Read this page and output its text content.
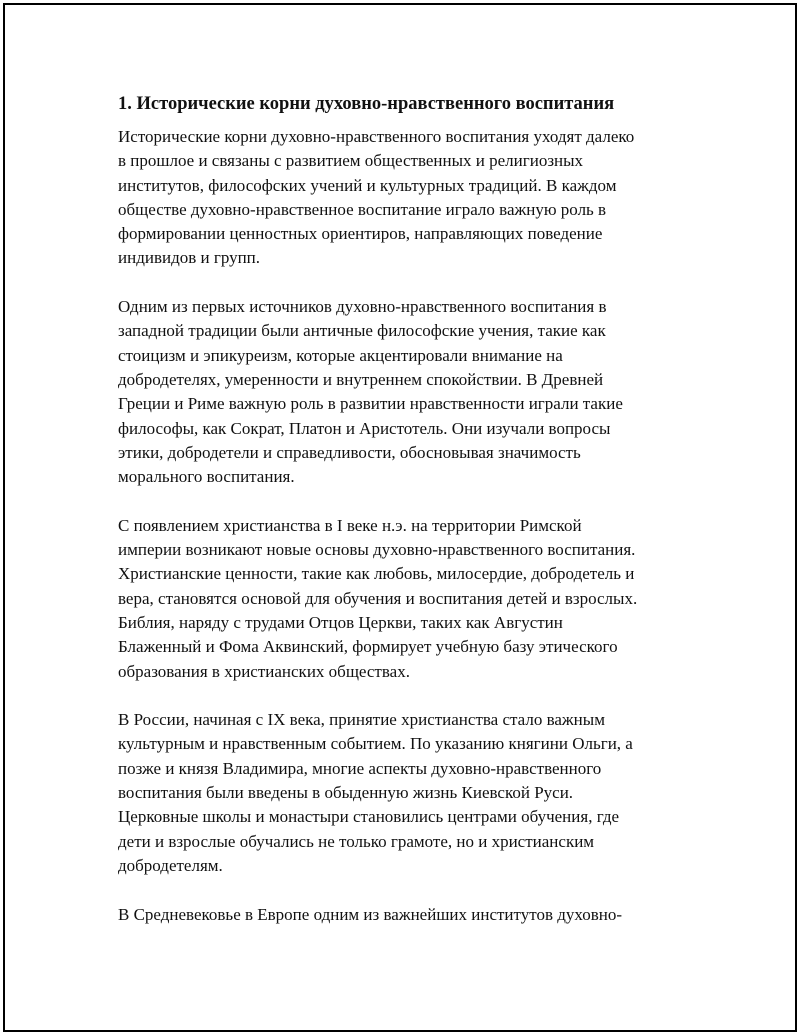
1. Исторические корни духовно-нравственного воспитания

Исторические корни духовно-нравственного воспитания уходят далеко
в прошлое и связаны с развитием общественных и религиозных
институтов, философских учений и культурных традиций. В каждом
обществе духовно-нравственное воспитание играло важную роль в
формировании ценностных ориентиров, направляющих поведение
индивидов и групп.

Одним из первых источников духовно-нравственного воспитания в
западной традиции были античные философские учения, такие как
стоицизм и эпикуреизм, которые акцентировали внимание на
добродетелях, умеренности и внутреннем спокойствии. В Древней
Греции и Риме важную роль в развитии нравственности играли такие
философы, как Сократ, Платон и Аристотель. Они изучали вопросы
этики, добродетели и справедливости, обосновывая значимость
морального воспитания.

С появлением христианства в I веке н.э. на территории Римской
империи возникают новые основы духовно-нравственного воспитания.
Христианские ценности, такие как любовь, милосердие, добродетель и
вера, становятся основой для обучения и воспитания детей и взрослых.
Библия, наряду с трудами Отцов Церкви, таких как Августин
Блаженный и Фома Аквинский, формирует учебную базу этического
образования в христианских обществах.

В России, начиная с IX века, принятие христианства стало важным
культурным и нравственным событием. По указанию княгини Ольги, а
позже и князя Владимира, многие аспекты духовно-нравственного
воспитания были введены в обыденную жизнь Киевской Руси.
Церковные школы и монастыри становились центрами обучения, где
дети и взрослые обучались не только грамоте, но и христианским
добродетелям.

В Средневековье в Европе одним из важнейших институтов духовно-
